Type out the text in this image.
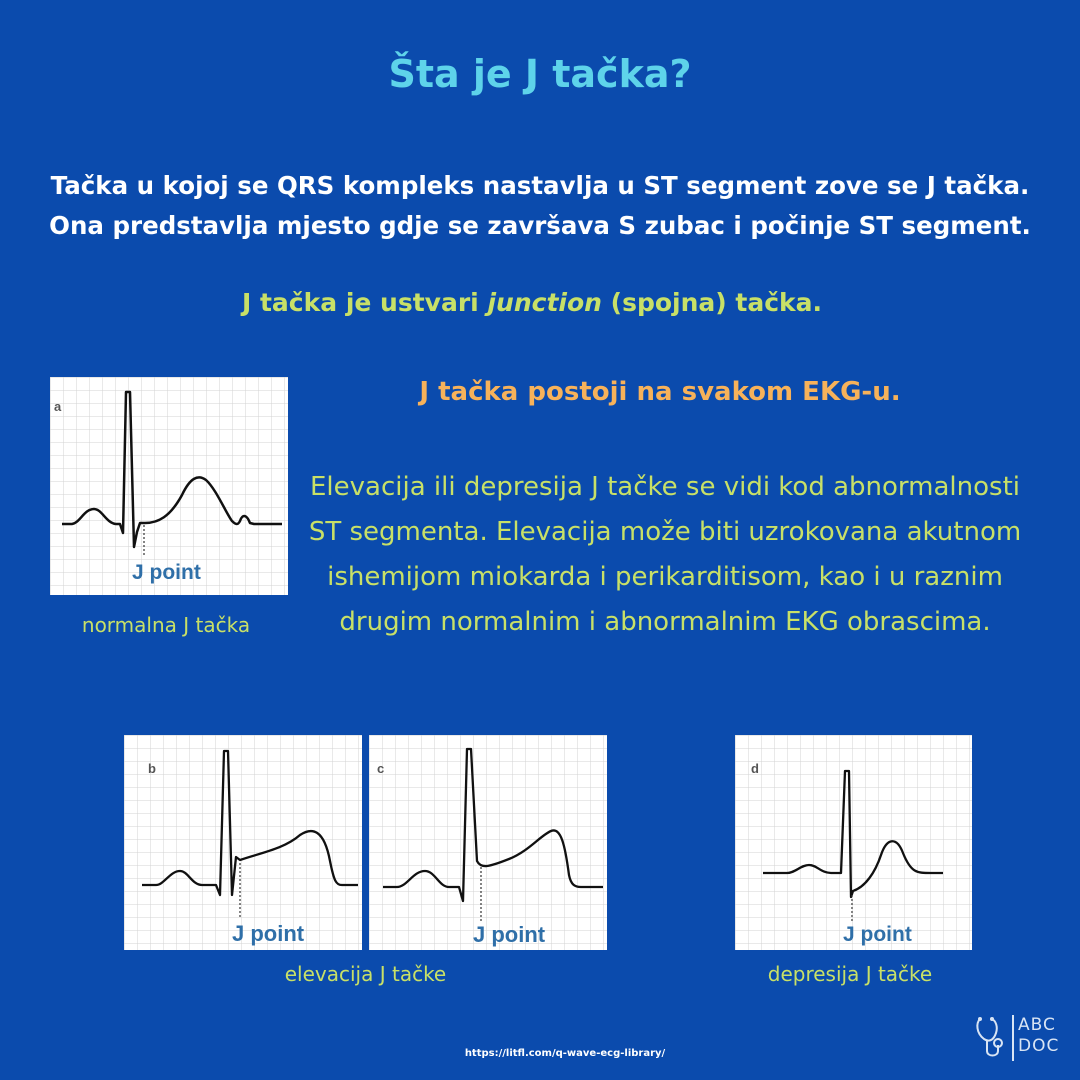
Šta je J tačka?
Tačka u kojoj se QRS kompleks nastavlja u ST segment zove se J tačka.
Ona predstavlja mjesto gdje se završava S zubac i počinje ST segment.
J tačka je ustvari junction (spojna) tačka.
a
J point
normalna J tačka
J tačka postoji na svakom EKG-u.
Elevacija ili depresija J tačke se vidi kod abnormalnosti ST segmenta. Elevacija može biti uzrokovana akutnom ishemijom miokarda i perikarditisom, kao i u raznim drugim normalnim i abnormalnim EKG obrascima.
b
J point
c
J point
elevacija J tačke
d
J point
depresija J tačke
https://litfl.com/q-wave-ecg-library/
ABC
DOC
